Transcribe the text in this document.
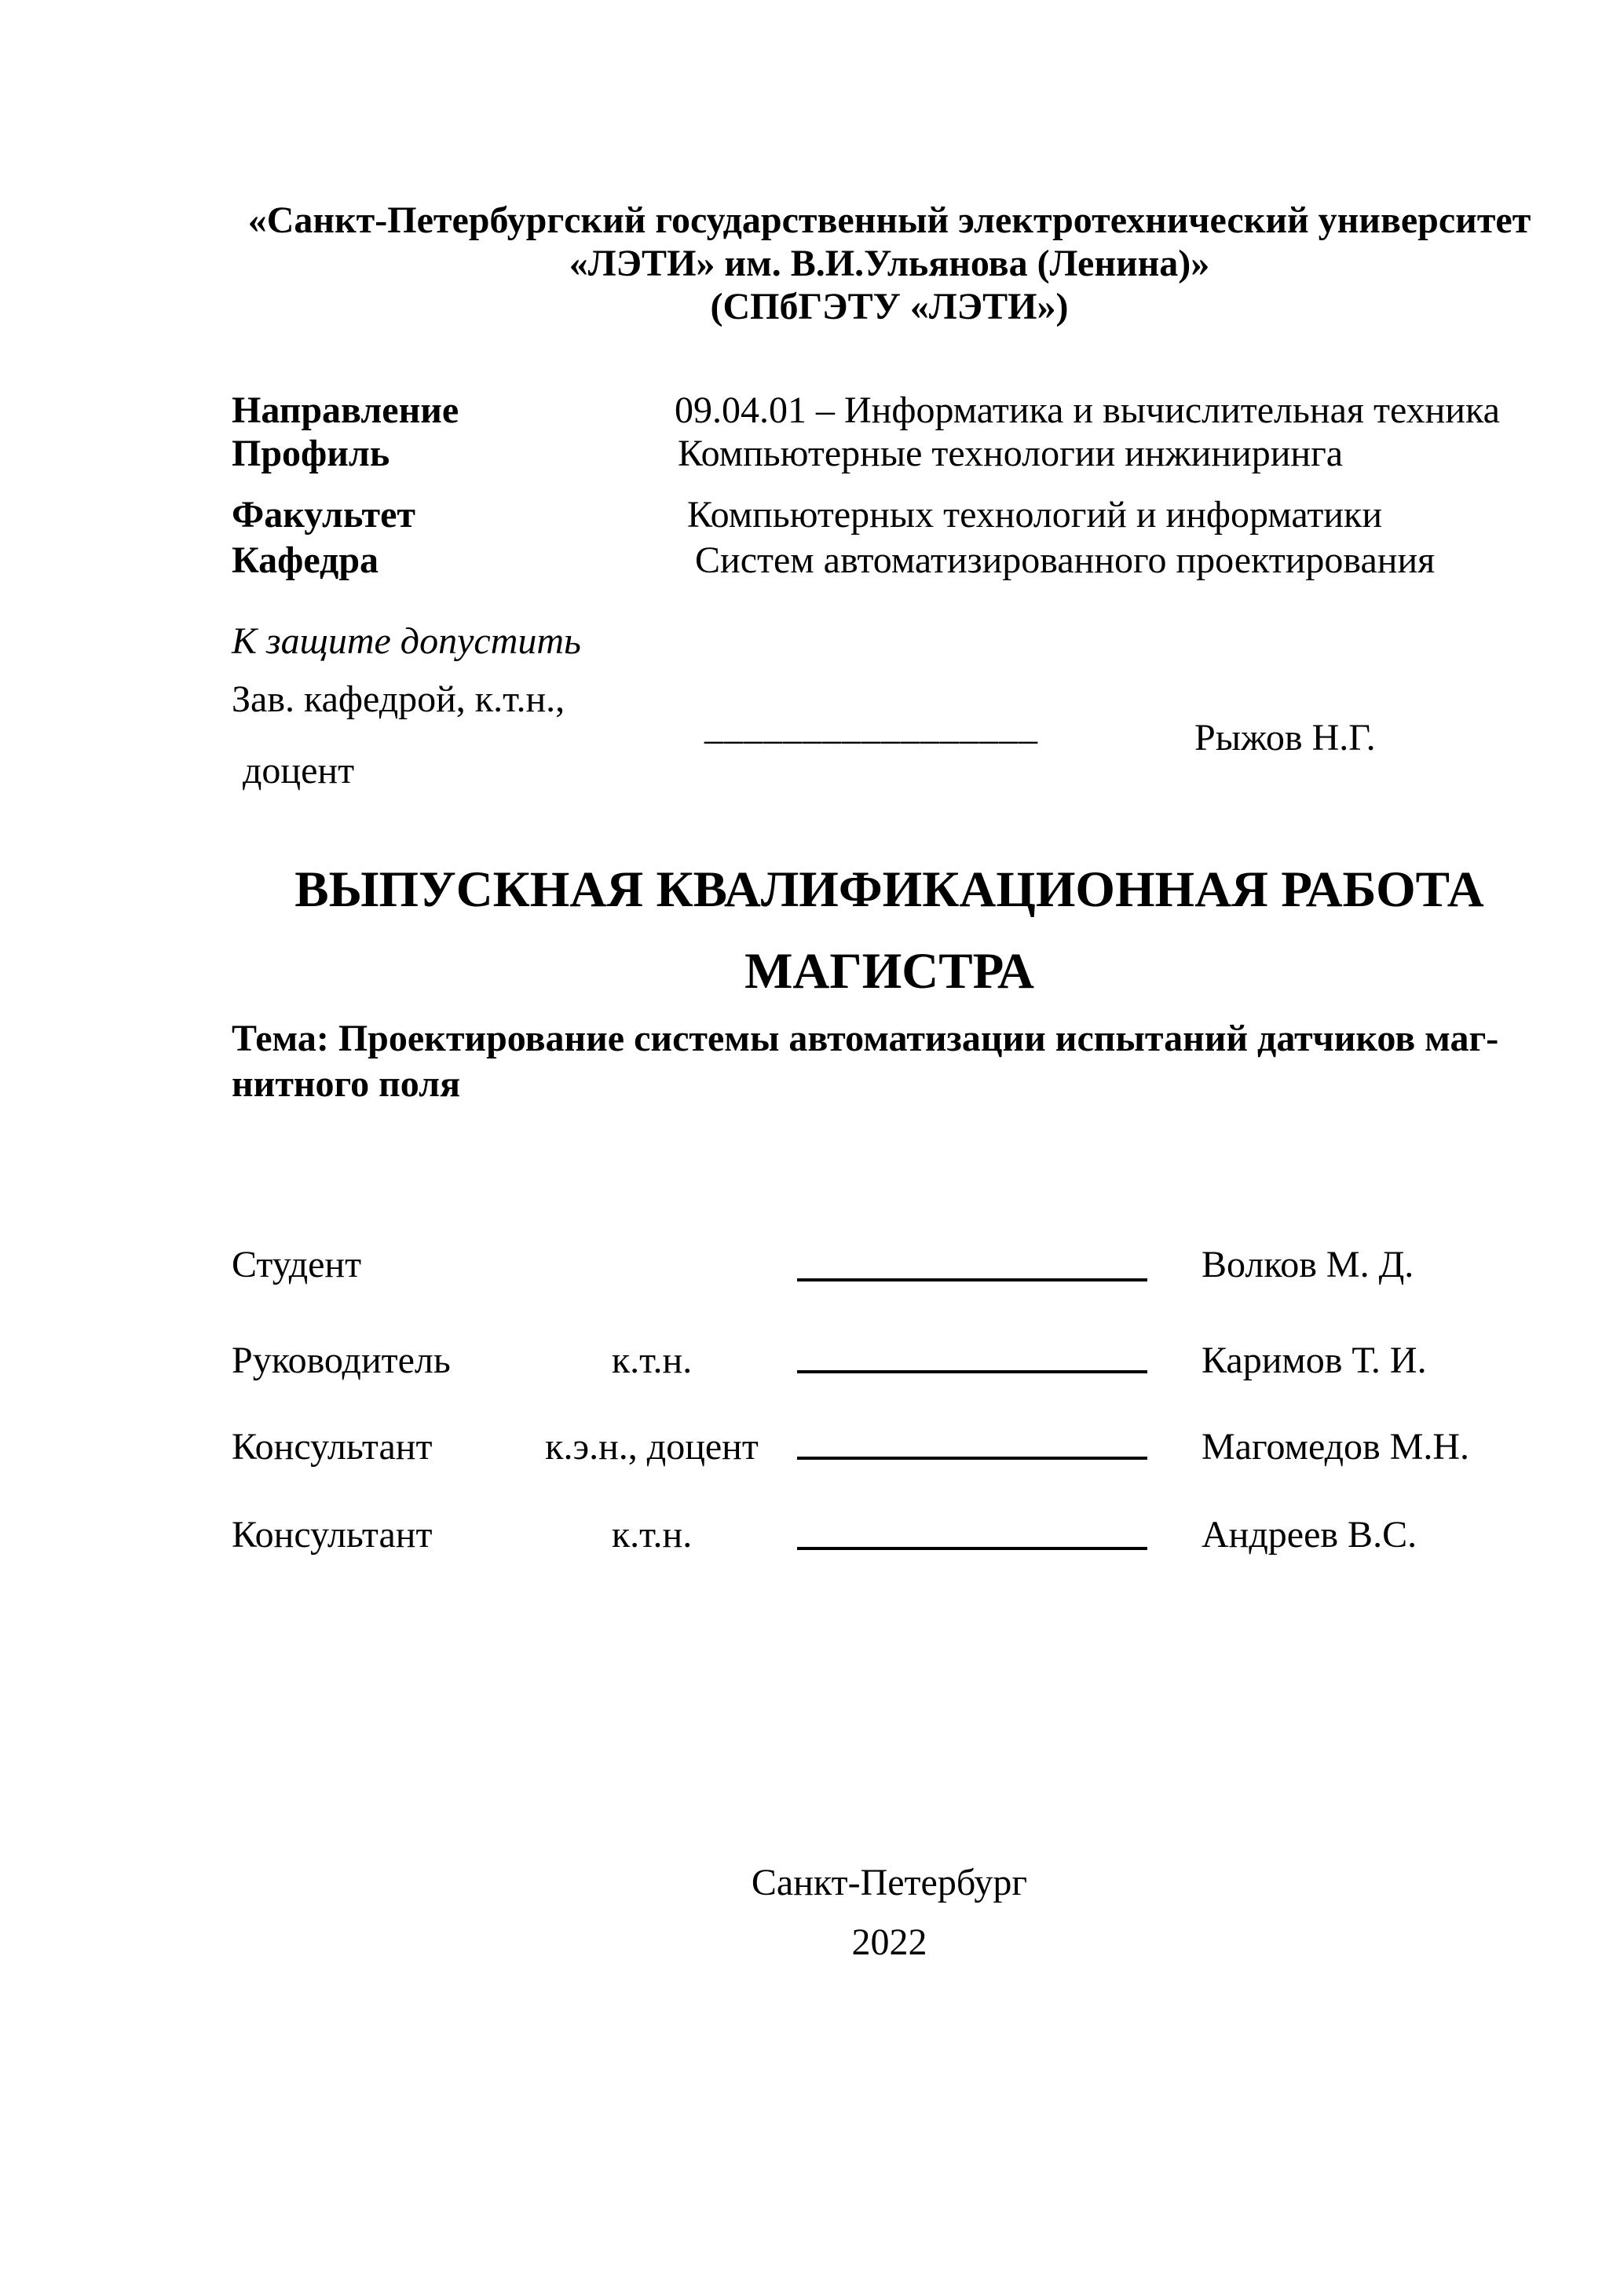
«Санкт-Петербургский государственный электротехнический университет
«ЛЭТИ» им. В.И.Ульянова (Ленина)»
(СПбГЭТУ «ЛЭТИ»)
Направление	09.04.01 – Информатика и вычислительная техника
Профиль	Компьютерные технологии инжиниринга
Факультет	Компьютерных технологий и информатики
Кафедра	Систем автоматизированного проектирования
К защите допустить
Зав. кафедрой, к.т.н.,
_________________	Рыжов Н.Г.
доцент
ВЫПУСКНАЯ КВАЛИФИКАЦИОННАЯ РАБОТА
МАГИСТРА
Тема: Проектирование системы автоматизации испытаний датчиков маг-
нитного поля
Студент	Волков М. Д.
Руководитель	к.т.н.	Каримов Т. И.
Консультант	к.э.н., доцент	Магомедов М.Н.
Консультант	к.т.н.	Андреев В.С.
Санкт-Петербург
2022
